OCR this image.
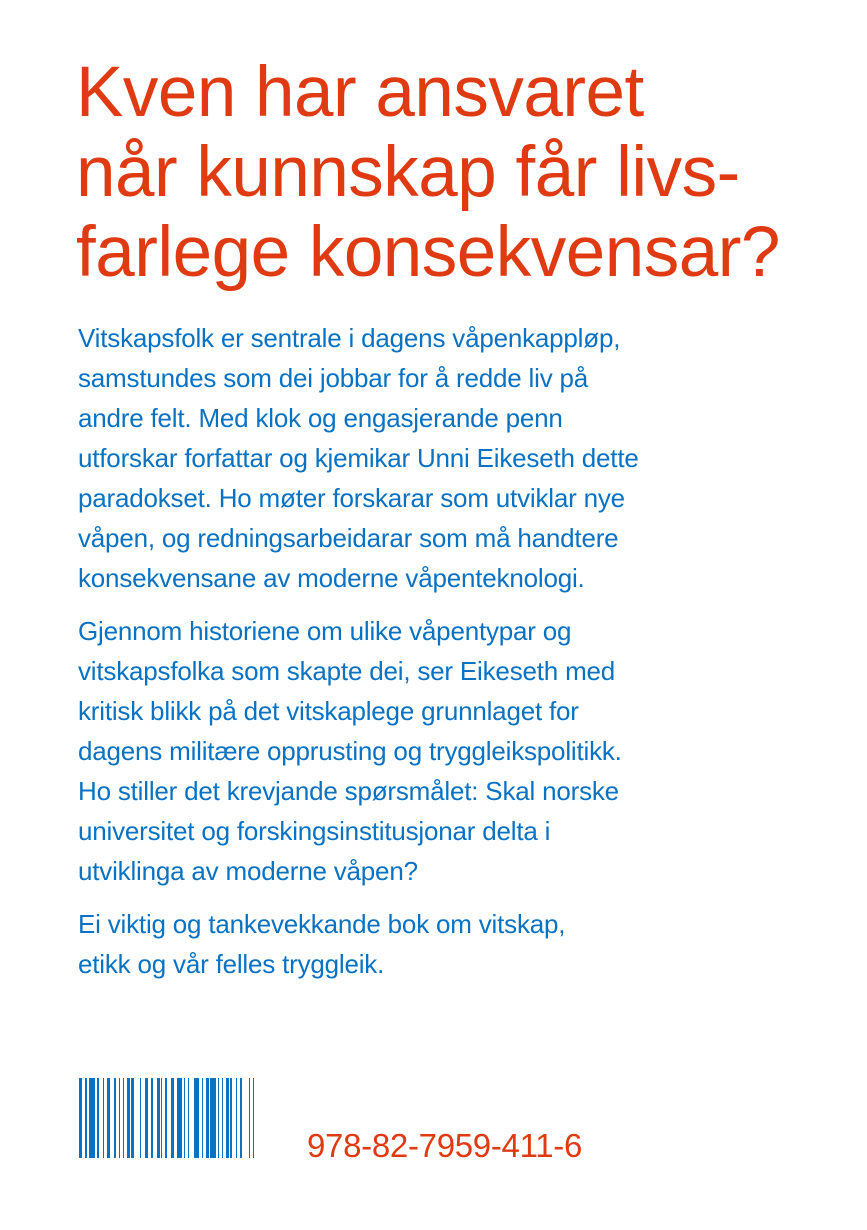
Kven har ansvaret
når kunnskap får livs-
farlege konsekvensar?

Vitskapsfolk er sentrale i dagens våpenkappløp,
samstundes som dei jobbar for å redde liv på
andre felt. Med klok og engasjerande penn
utforskar forfattar og kjemikar Unni Eikeseth dette
paradokset. Ho møter forskarar som utviklar nye
våpen, og redningsarbeidarar som må handtere
konsekvensane av moderne våpenteknologi.

Gjennom historiene om ulike våpentypar og
vitskapsfolka som skapte dei, ser Eikeseth med
kritisk blikk på det vitskaplege grunnlaget for
dagens militære opprusting og tryggleikspolitikk.
Ho stiller det krevjande spørsmålet: Skal norske
universitet og forskingsinstitusjonar delta i
utviklinga av moderne våpen?

Ei viktig og tankevekkande bok om vitskap,
etikk og vår felles tryggleik.

978-82-7959-411-6
